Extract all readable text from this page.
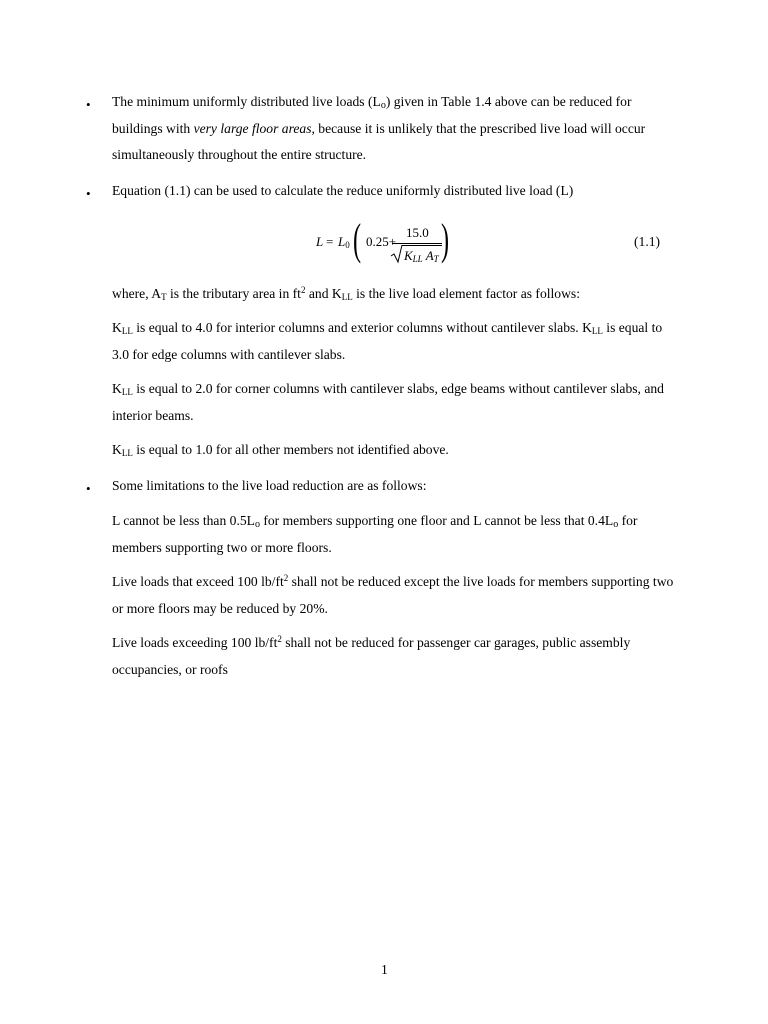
•	The minimum uniformly distributed live loads $(L_o)$ given in Table 1.4 above can be reduced for buildings with very large floor areas, because it is unlikely that the prescribed live load will occur simultaneously throughout the entire structure.

•	Equation (1.1) can be used to calculate the reduce uniformly distributed live load (L)

$L = L_0$ ( 0.25+
15.0
$K_{LL}$ $A_T$ )	(1.1)

where, $A_T$ is the tributary area in $ft^2$ and $K_{LL}$ is the live load element factor as follows:

$K_{LL}$ is equal to 4.0 for interior columns and exterior columns without cantilever slabs. $K_{LL}$ is equal to 3.0 for edge columns with cantilever slabs.

$K_{LL}$ is equal to 2.0 for corner columns with cantilever slabs, edge beams without cantilever slabs, and interior beams.

$K_{LL}$ is equal to 1.0 for all other members not identified above.

•	Some limitations to the live load reduction are as follows:

L cannot be less than $0.5L_o$ for members supporting one floor and L cannot be less that $0.4L_o$ for members supporting two or more floors.

Live loads that exceed 100 $lb/ft^2$ shall not be reduced except the live loads for members supporting two or more floors may be reduced by 20%.

Live loads exceeding 100 $lb/ft^2$ shall not be reduced for passenger car garages, public assembly occupancies, or roofs

1
